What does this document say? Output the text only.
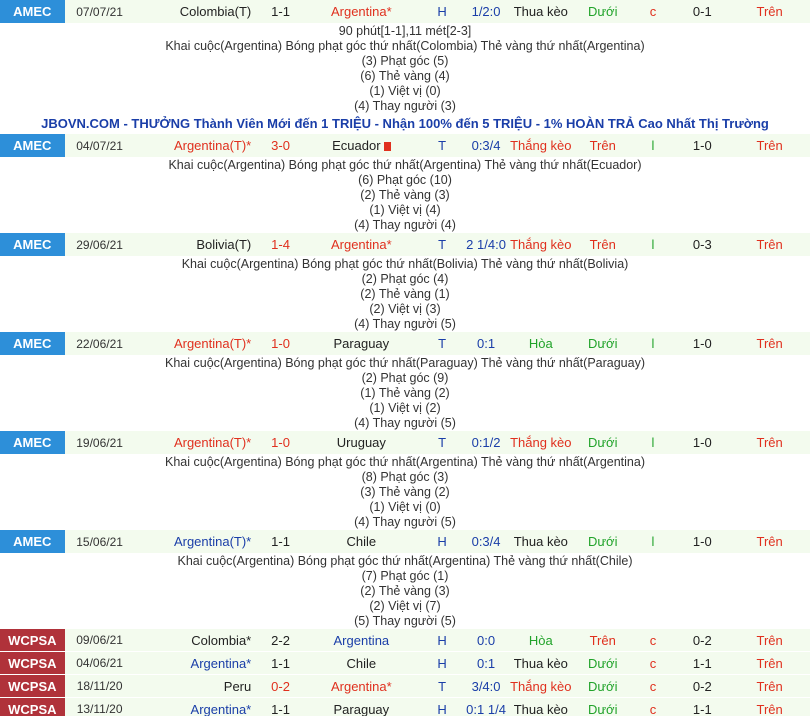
AMEC	07/07/21	Colombia(T)	1-1	Argentina*	H	1/2:0	Thua kèo	Dưới	c	0-1	Trên
90 phút[1-1],11 mét[2-3]
Khai cuộc(Argentina) Bóng phạt góc thứ nhất(Colombia) Thẻ vàng thứ nhất(Argentina)
(3) Phạt góc (5)
(6) Thẻ vàng (4)
(1) Việt vị (0)
(4) Thay người (3)
JBOVN.COM - THƯỞNG Thành Viên Mới đến 1 TRIỆU - Nhận 100% đến 5 TRIỆU - 1% HOÀN TRẢ Cao Nhất Thị Trường
AMEC	04/07/21	Argentina(T)*	3-0	Ecuador	T	0:3/4 Thắng kèo	Trên	l	1-0	Trên
Khai cuộc(Argentina) Bóng phạt góc thứ nhất(Argentina) Thẻ vàng thứ nhất(Ecuador)
(6) Phạt góc (10)
(2) Thẻ vàng (3)
(1) Việt vị (4)
(4) Thay người (4)
AMEC	29/06/21	Bolivia(T)	1-4	Argentina*	T	2 1/4:0 Thắng kèo	Trên	l	0-3	Trên
Khai cuộc(Argentina) Bóng phạt góc thứ nhất(Bolivia) Thẻ vàng thứ nhất(Bolivia)
(2) Phạt góc (4)
(2) Thẻ vàng (1)
(2) Việt vị (3)
(4) Thay người (5)
AMEC	22/06/21	Argentina(T)*	1-0	Paraguay	T	0:1	Hòa	Dưới	l	1-0	Trên
Khai cuộc(Argentina) Bóng phạt góc thứ nhất(Paraguay) Thẻ vàng thứ nhất(Paraguay)
(2) Phạt góc (9)
(1) Thẻ vàng (2)
(1) Việt vị (2)
(4) Thay người (5)
AMEC	19/06/21	Argentina(T)*	1-0	Uruguay	T	0:1/2 Thắng kèo	Dưới	l	1-0	Trên
Khai cuộc(Argentina) Bóng phạt góc thứ nhất(Argentina) Thẻ vàng thứ nhất(Argentina)
(8) Phạt góc (3)
(3) Thẻ vàng (2)
(1) Việt vị (0)
(4) Thay người (5)
AMEC	15/06/21	Argentina(T)*	1-1	Chile	H	0:3/4	Thua kèo	Dưới	l	1-0	Trên
Khai cuộc(Argentina) Bóng phạt góc thứ nhất(Argentina) Thẻ vàng thứ nhất(Chile)
(7) Phạt góc (1)
(2) Thẻ vàng (3)
(2) Việt vị (7)
(5) Thay người (5)
WCPSA	09/06/21	Colombia*	2-2	Argentina	H	0:0	Hòa	Trên	c	0-2	Trên
WCPSA	04/06/21	Argentina*	1-1	Chile	H	0:1	Thua kèo	Dưới	c	1-1	Trên
WCPSA	18/11/20	Peru	0-2	Argentina*	T	3/4:0 Thắng kèo	Dưới	c	0-2	Trên
WCPSA	13/11/20	Argentina*	1-1	Paraguay	H	0:1 1/4 Thua kèo	Dưới	c	1-1	Trên
